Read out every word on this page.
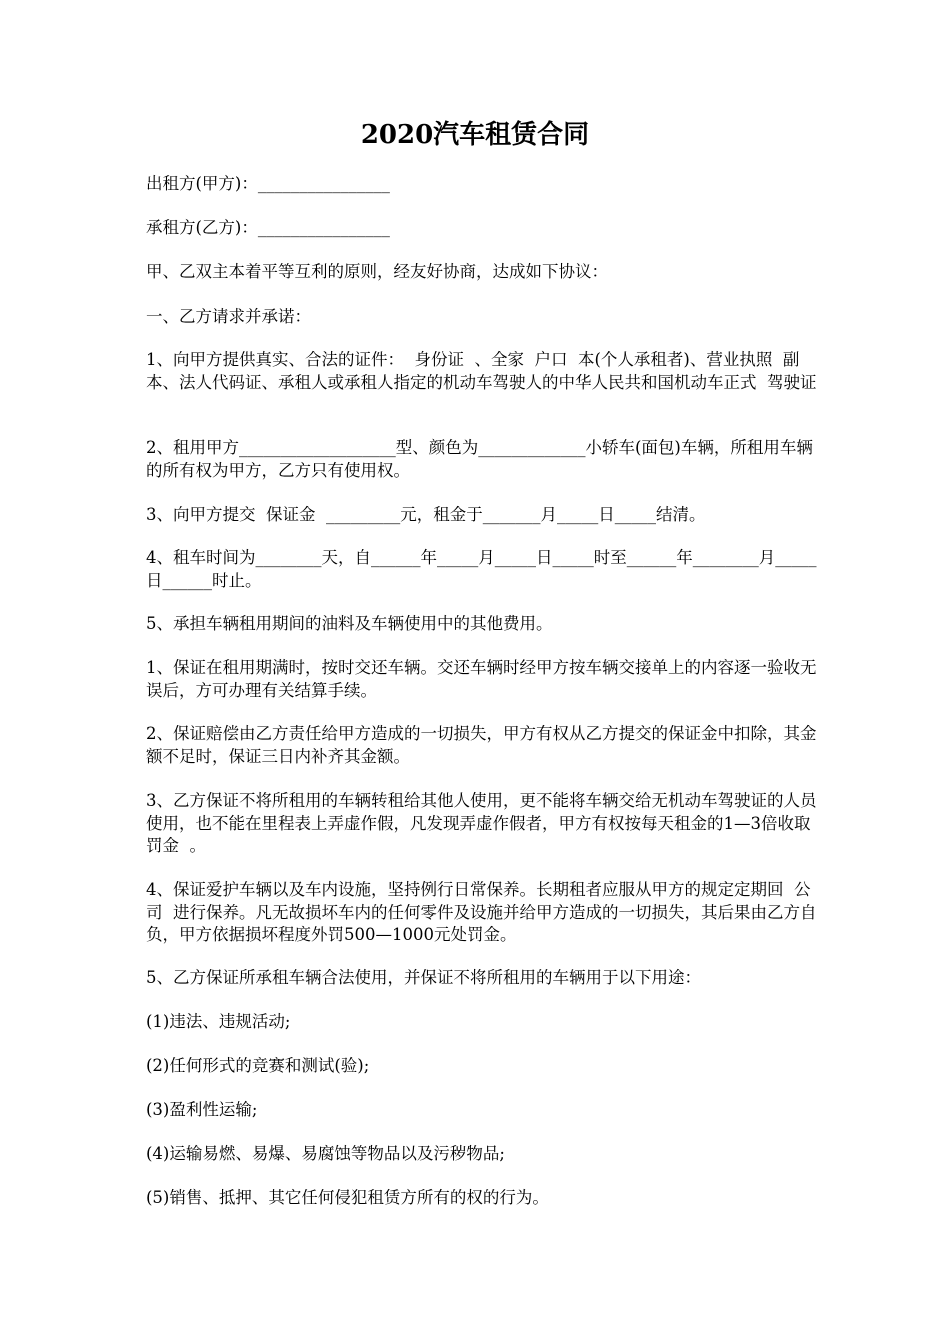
2020汽车租赁合同
出租方(甲方)：________________
承租方(乙方)：________________
甲、乙双主本着平等互利的原则，经友好协商，达成如下协议：
一、乙方请求并承诺：
1、向甲方提供真实、合法的证件：  身份证  、全家  户口  本(个人承租者)、营业执照  副本、法人代码证、承租人或承租人指定的机动车驾驶人的中华人民共和国机动车正式  驾驶证
2、租用甲方___________________型、颜色为_____________小轿车(面包)车辆，所租用车辆的所有权为甲方，乙方只有使用权。
3、向甲方提交  保证金  _________元，租金于_______月_____日_____结清。
4、租车时间为________天，自______年_____月_____日_____时至______年________月_____日______时止。
5、承担车辆租用期间的油料及车辆使用中的其他费用。
1、保证在租用期满时，按时交还车辆。交还车辆时经甲方按车辆交接单上的内容逐一验收无误后，方可办理有关结算手续。
2、保证赔偿由乙方责任给甲方造成的一切损失，甲方有权从乙方提交的保证金中扣除，其金额不足时，保证三日内补齐其金额。
3、乙方保证不将所租用的车辆转租给其他人使用，更不能将车辆交给无机动车驾驶证的人员使用，也不能在里程表上弄虚作假，凡发现弄虚作假者，甲方有权按每天租金的1—3倍收取  罚金  。
4、保证爱护车辆以及车内设施，坚持例行日常保养。长期租者应服从甲方的规定定期回  公司  进行保养。凡无故损坏车内的任何零件及设施并给甲方造成的一切损失，其后果由乙方自负，甲方依据损坏程度外罚500—1000元处罚金。
5、乙方保证所承租车辆合法使用，并保证不将所租用的车辆用于以下用途：
(1)违法、违规活动;
(2)任何形式的竞赛和测试(验);
(3)盈利性运输;
(4)运输易燃、易爆、易腐蚀等物品以及污秽物品;
(5)销售、抵押、其它任何侵犯租赁方所有的权的行为。
